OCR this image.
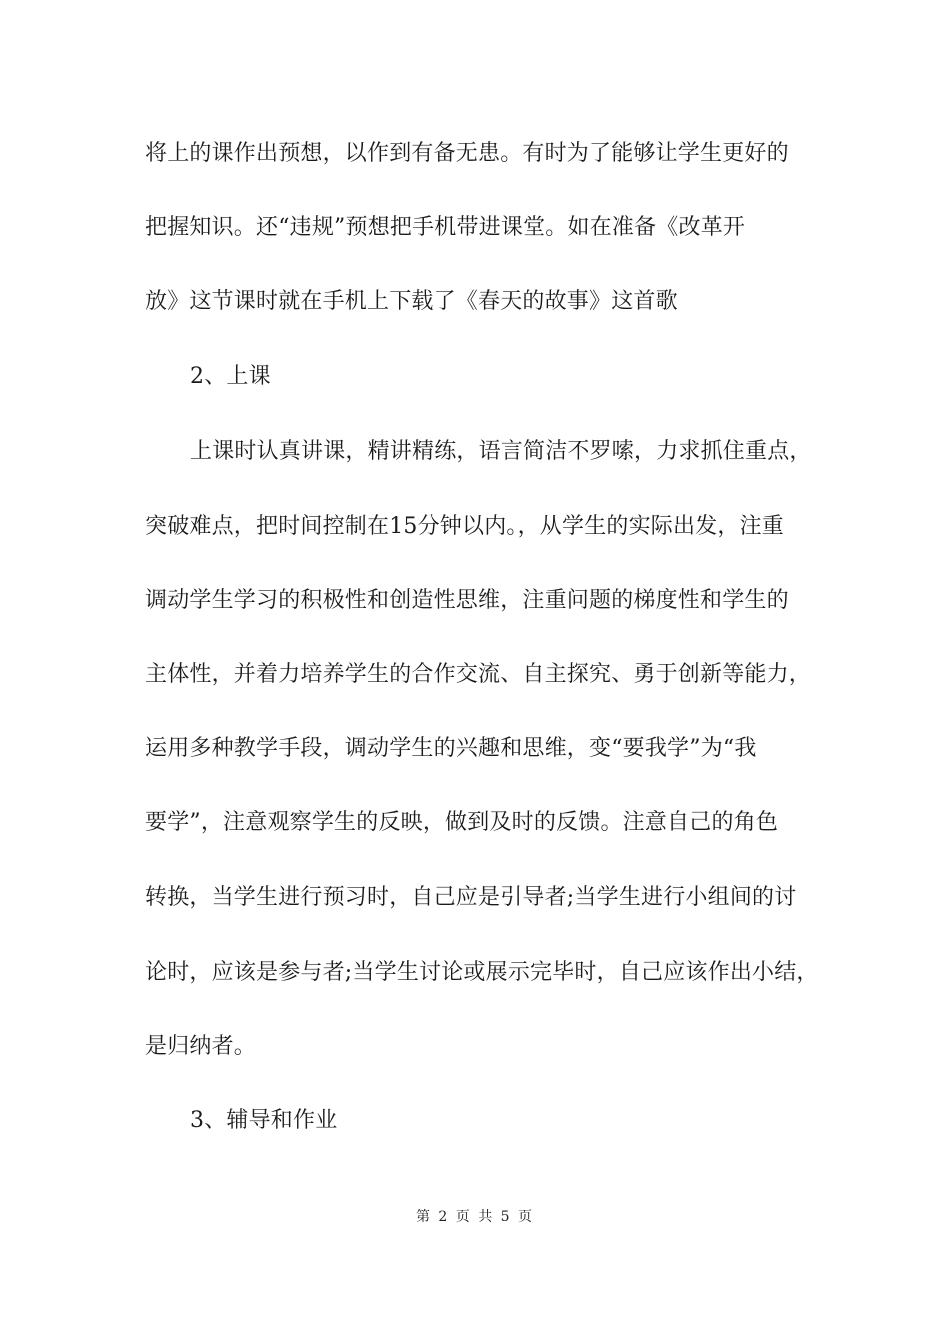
将上的课作出预想，以作到有备无患。有时为了能够让学生更好的
把握知识。还“违规”预想把手机带进课堂。如在准备《改革开
放》这节课时就在手机上下载了《春天的故事》这首歌
2、上课
上课时认真讲课，精讲精练，语言简洁不罗嗦，力求抓住重点，
突破难点，把时间控制在15分钟以内。，从学生的实际出发，注重
调动学生学习的积极性和创造性思维，注重问题的梯度性和学生的
主体性，并着力培养学生的合作交流、自主探究、勇于创新等能力，
运用多种教学手段，调动学生的兴趣和思维，变“要我学”为“我
要学”，注意观察学生的反映，做到及时的反馈。注意自己的角色
转换，当学生进行预习时，自己应是引导者;当学生进行小组间的讨
论时，应该是参与者;当学生讨论或展示完毕时，自己应该作出小结，
是归纳者。
3、辅导和作业
第 2 页 共 5 页
